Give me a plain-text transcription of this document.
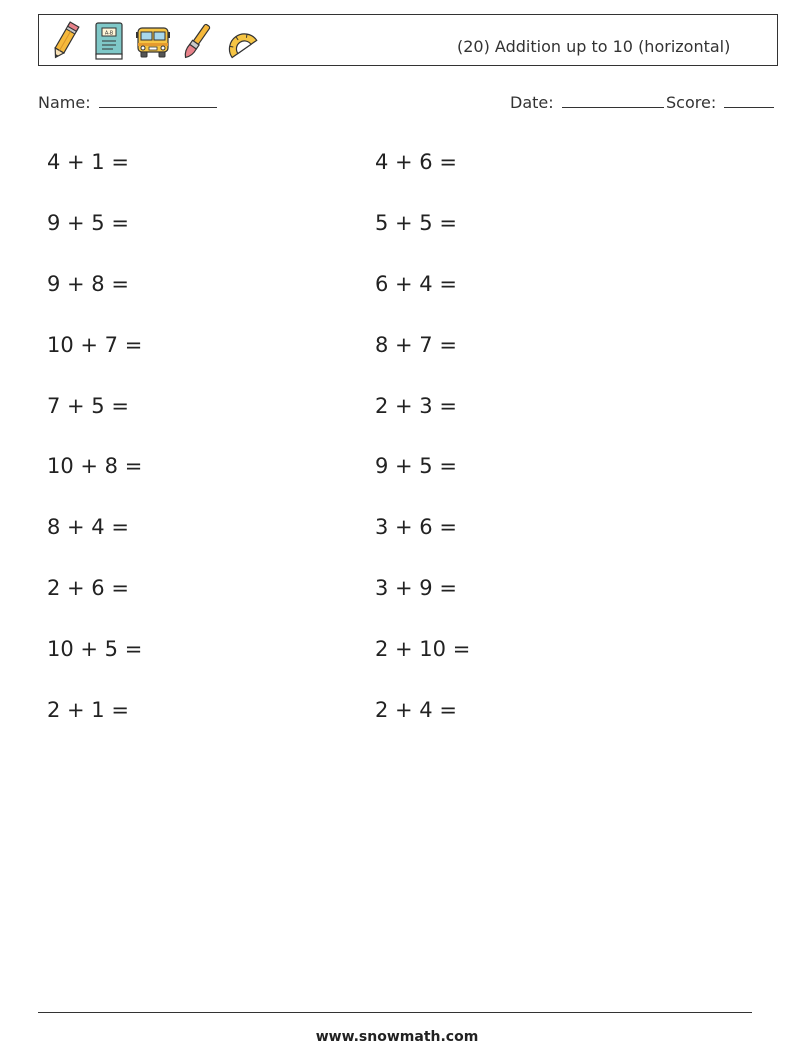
A-B
(20) Addition up to 10 (horizontal)
Name:	Date:	Score:
4 + 1 =
9 + 5 =
9 + 8 =
10 + 7 =
7 + 5 =
10 + 8 =
8 + 4 =
2 + 6 =
10 + 5 =
2 + 1 =
4 + 6 =
5 + 5 =
6 + 4 =
8 + 7 =
2 + 3 =
9 + 5 =
3 + 6 =
3 + 9 =
2 + 10 =
2 + 4 =
www.snowmath.com
